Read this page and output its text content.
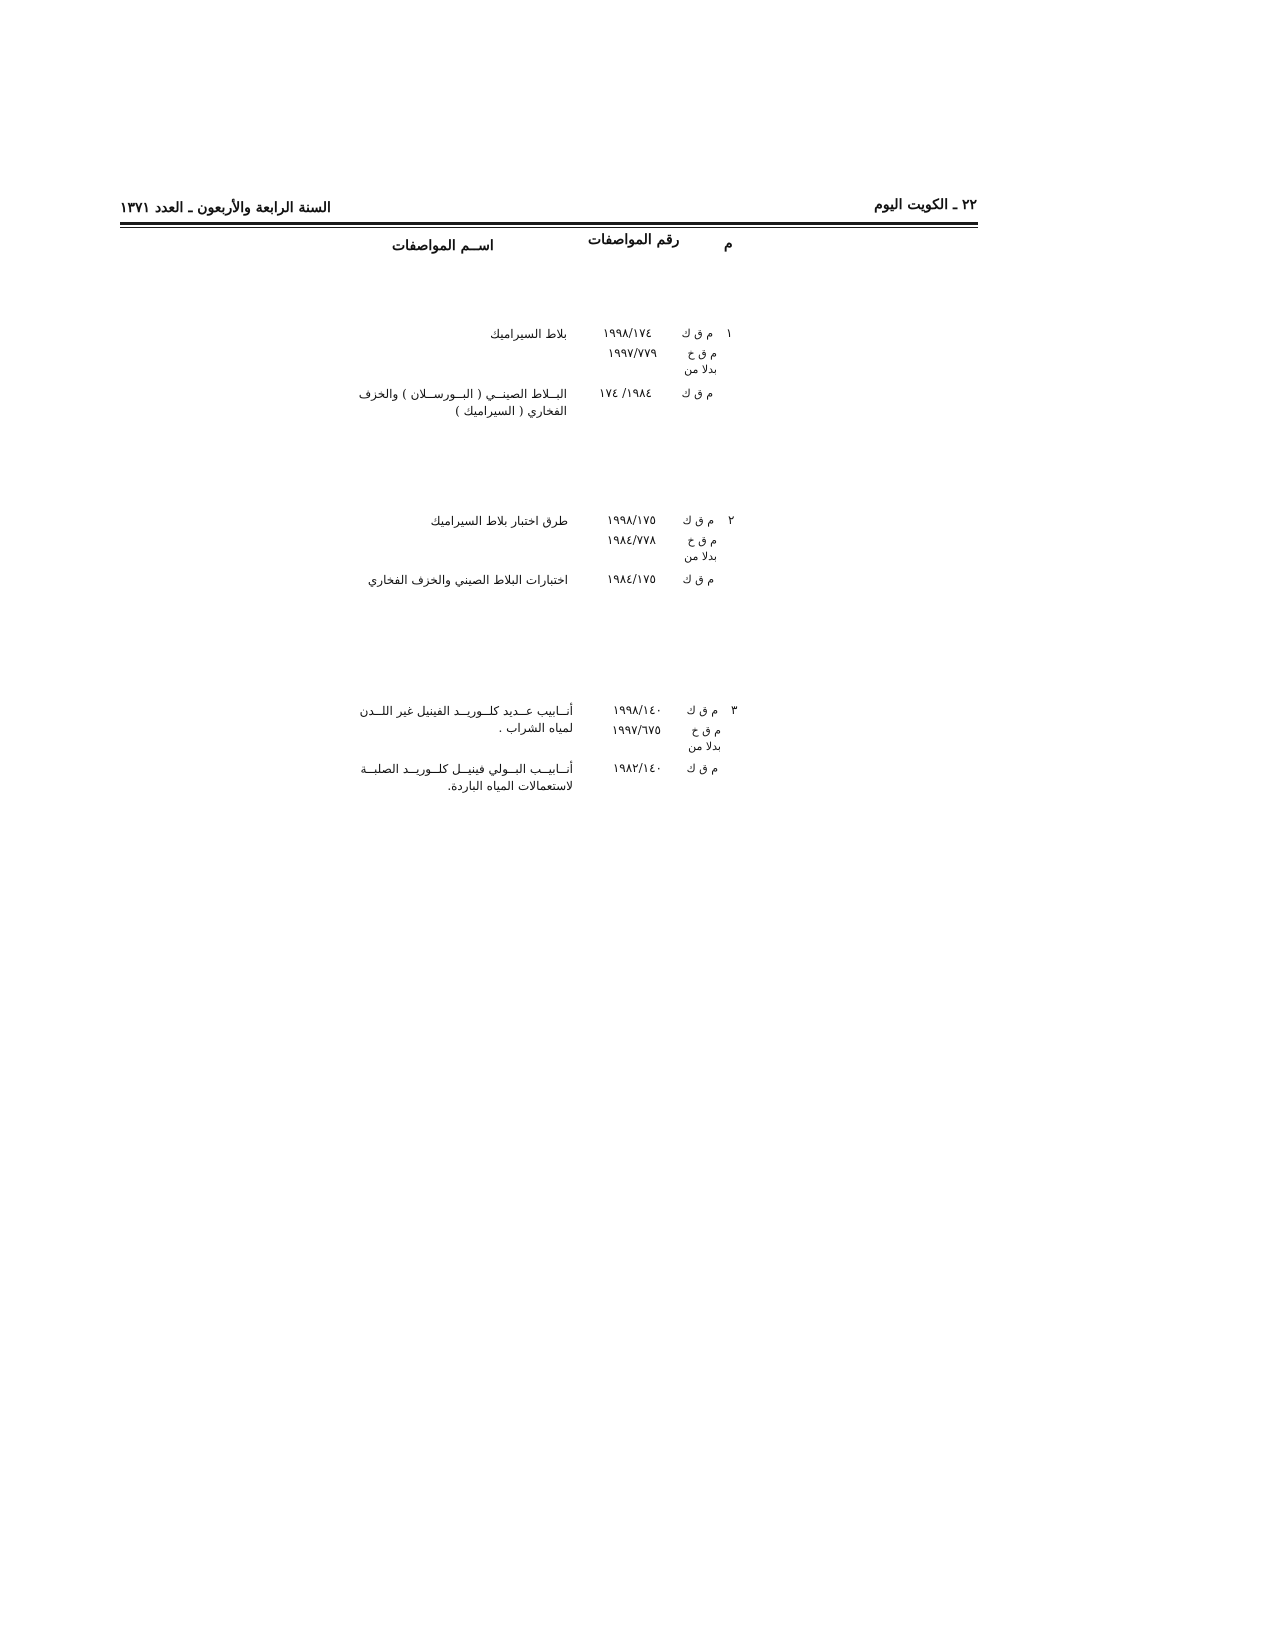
السنة الرابعة والأربعون ـ العدد ١٣٧١	٢٢ ـ الكويت اليوم
م
رقم المواصفات
اســم المواصفات
١
م ق ك
١٩٩٨/١٧٤
بلاط السيراميك
م ق خ
١٩٩٧/٧٧٩
بدلا من
م ق ك
١٩٨٤/ ١٧٤
البــلاط الصينــي ( البــورســلان ) والخزف الفخاري ( السيراميك )
٢
م ق ك
١٩٩٨/١٧٥
طرق اختبار بلاط السيراميك
م ق خ
١٩٨٤/٧٧٨
بدلا من
م ق ك
١٩٨٤/١٧٥
اختبارات البلاط الصيني والخزف الفخاري
٣
م ق ك
١٩٩٨/١٤٠
أنــابيب عــديد كلــوريــد الفينيل غير اللــدن لمياه الشراب .	م ق خ
١٩٩٧/٦٧٥
بدلا من
م ق ك
١٩٨٢/١٤٠
أنــابيــب البــولي فينيــل كلــوريــد الصلبــة لاستعمالات المياه الباردة.
